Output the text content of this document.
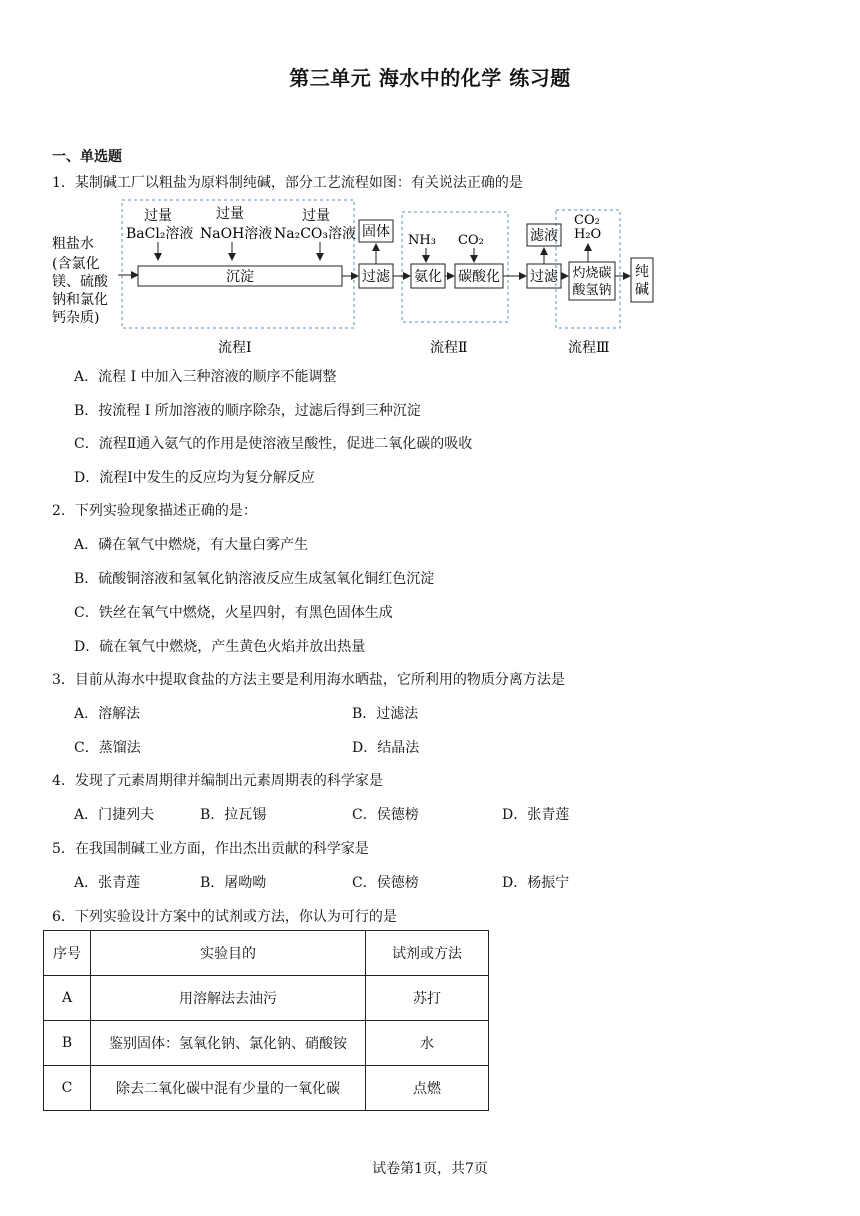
第三单元 海水中的化学 练习题
一、单选题
1．某制碱工厂以粗盐为原料制纯碱，部分工艺流程如图：有关说法正确的是
粗盐水
(含氯化
镁、硫酸
钠和氯化
钙杂质)
过量
BaCl₂溶液
过量
NaOH溶液
过量
Na₂CO₃溶液
沉淀	过滤
固体
NH₃ CO₂
氨化 碳酸化 过滤
滤液
CO₂
H₂O
灼烧碳
酸氢钠
纯
碱
流程Ⅰ	流程Ⅱ	流程Ⅲ
A．流程 Ⅰ 中加入三种溶液的顺序不能调整
B．按流程 Ⅰ 所加溶液的顺序除杂，过滤后得到三种沉淀
C．流程Ⅱ通入氨气的作用是使溶液呈酸性，促进二氧化碳的吸收
D．流程Ⅰ中发生的反应均为复分解反应
2．下列实验现象描述正确的是：
A．磷在氧气中燃烧，有大量白雾产生
B．硫酸铜溶液和氢氧化钠溶液反应生成氢氧化铜红色沉淀
C．铁丝在氧气中燃烧，火星四射，有黑色固体生成
D．硫在氧气中燃烧，产生黄色火焰并放出热量
3．目前从海水中提取食盐的方法主要是利用海水晒盐，它所利用的物质分离方法是
A．溶解法	B．过滤法
C．蒸馏法	D．结晶法
4．发现了元素周期律并编制出元素周期表的科学家是
A．门捷列夫	B．拉瓦锡	C．侯德榜	D．张青莲
5．在我国制碱工业方面，作出杰出贡献的科学家是
A．张青莲	B．屠呦呦	C．侯德榜	D．杨振宁
6．下列实验设计方案中的试剂或方法，你认为可行的是
序号	实验目的	试剂或方法
A	用溶解法去油污	苏打
B	鉴别固体：氢氧化钠、氯化钠、硝酸铵	水
C	除去二氧化碳中混有少量的一氧化碳	点燃
试卷第1页，共7页
